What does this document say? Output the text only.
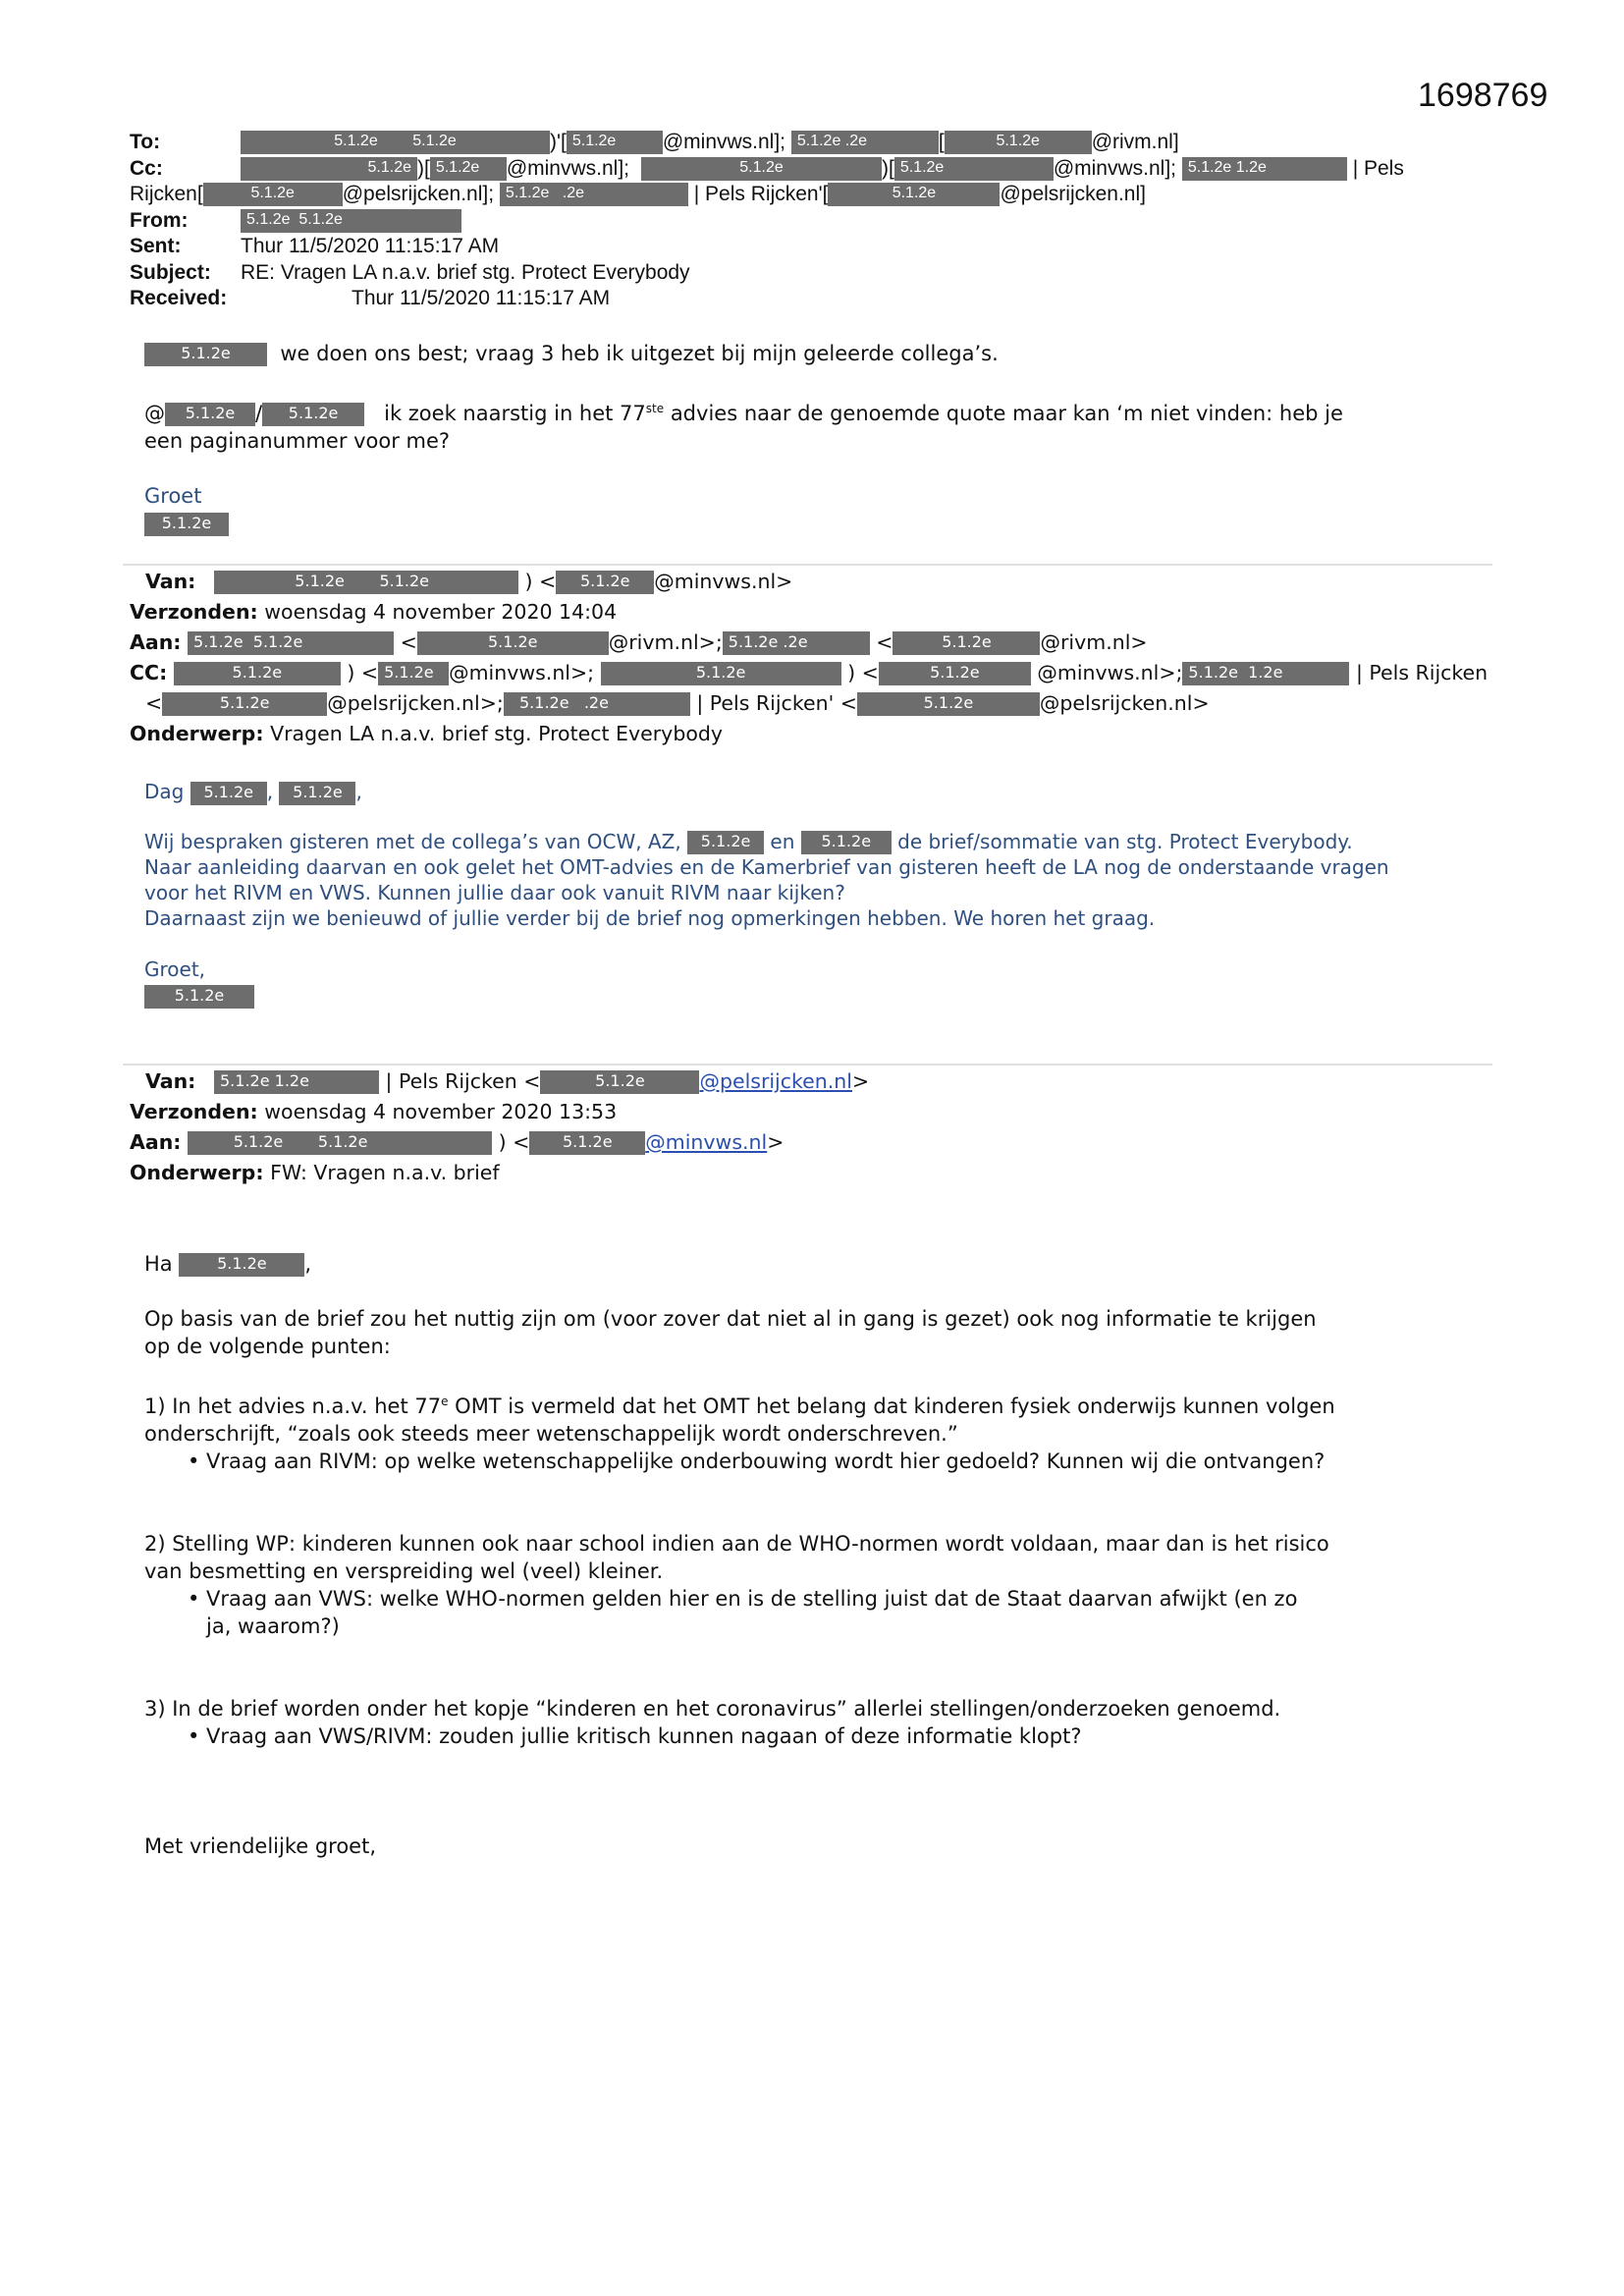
1698769
To:	5.1.2e 5.1.2e	)'[ 5.1.2e @minvws.nl]; 5.1.2e .2e	[	5.1.2e	@rivm.nl]
Cc:	5.1.2e )[ 5.1.2e @minvws.nl];	5.1.2e	)[ 5.1.2e	@minvws.nl]; 5.1.2e 1.2e	| Pels
Rijcken[	5.1.2e @pelsrijcken.nl]; 5.1.2e .2e	| Pels Rijcken'[	5.1.2e	@pelsrijcken.nl]
From:	5.1.2e 5.1.2e
Sent:	Thur 11/5/2020 11:15:17 AM
Subject: RE: Vragen LA n.a.v. brief stg. Protect Everybody
Received:	Thur 11/5/2020 11:15:17 AM
5.1.2e we doen ons best; vraag 3 heb ik uitgezet bij mijn geleerde collega’s.
@ 5.1.2e / 5.1.2e ik zoek naarstig in het 77ste advies naar de genoemde quote maar kan ‘m niet vinden: heb je
een paginanummer voor me?
Groet
5.1.2e
Van:	5.1.2e 5.1.2e	) < 5.1.2e @minvws.nl>
Verzonden: woensdag 4 november 2020 14:04
Aan: 5.1.2e 5.1.2e	<	5.1.2e	@rivm.nl>; 5.1.2e .2e	<	5.1.2e @rivm.nl>
CC:	5.1.2e	) < 5.1.2e @minvws.nl>;	5.1.2e	) <	5.1.2e	@minvws.nl>; 5.1.2e 1.2e	| Pels Rijcken
<	5.1.2e	@pelsrijcken.nl>; 5.1.2e .2e	| Pels Rijcken' <	5.1.2e	@pelsrijcken.nl>
Onderwerp: Vragen LA n.a.v. brief stg. Protect Everybody
Dag 5.1.2e , 5.1.2e ,
Wij bespraken gisteren met de collega’s van OCW, AZ, 5.1.2e en 5.1.2e de brief/sommatie van stg. Protect Everybody.
Naar aanleiding daarvan en ook gelet het OMT-advies en de Kamerbrief van gisteren heeft de LA nog de onderstaande vragen
voor het RIVM en VWS. Kunnen jullie daar ook vanuit RIVM naar kijken?
Daarnaast zijn we benieuwd of jullie verder bij de brief nog opmerkingen hebben. We horen het graag.
Groet,
5.1.2e
Van: 5.1.2e 1.2e	| Pels Rijcken <	5.1.2e	@pelsrijcken.nl>
Verzonden: woensdag 4 november 2020 13:53
Aan:	5.1.2e 5.1.2e	) < 5.1.2e @minvws.nl>
Onderwerp: FW: Vragen n.a.v. brief
Ha	5.1.2e ,
Op basis van de brief zou het nuttig zijn om (voor zover dat niet al in gang is gezet) ook nog informatie te krijgen
op de volgende punten:
1) In het advies n.a.v. het 77e OMT is vermeld dat het OMT het belang dat kinderen fysiek onderwijs kunnen volgen
onderschrijft, “zoals ook steeds meer wetenschappelijk wordt onderschreven.”
• Vraag aan RIVM: op welke wetenschappelijke onderbouwing wordt hier gedoeld? Kunnen wij die ontvangen?
2) Stelling WP: kinderen kunnen ook naar school indien aan de WHO-normen wordt voldaan, maar dan is het risico
van besmetting en verspreiding wel (veel) kleiner.
• Vraag aan VWS: welke WHO-normen gelden hier en is de stelling juist dat de Staat daarvan afwijkt (en zo
ja, waarom?)
3) In de brief worden onder het kopje “kinderen en het coronavirus” allerlei stellingen/onderzoeken genoemd.
• Vraag aan VWS/RIVM: zouden jullie kritisch kunnen nagaan of deze informatie klopt?
Met vriendelijke groet,
